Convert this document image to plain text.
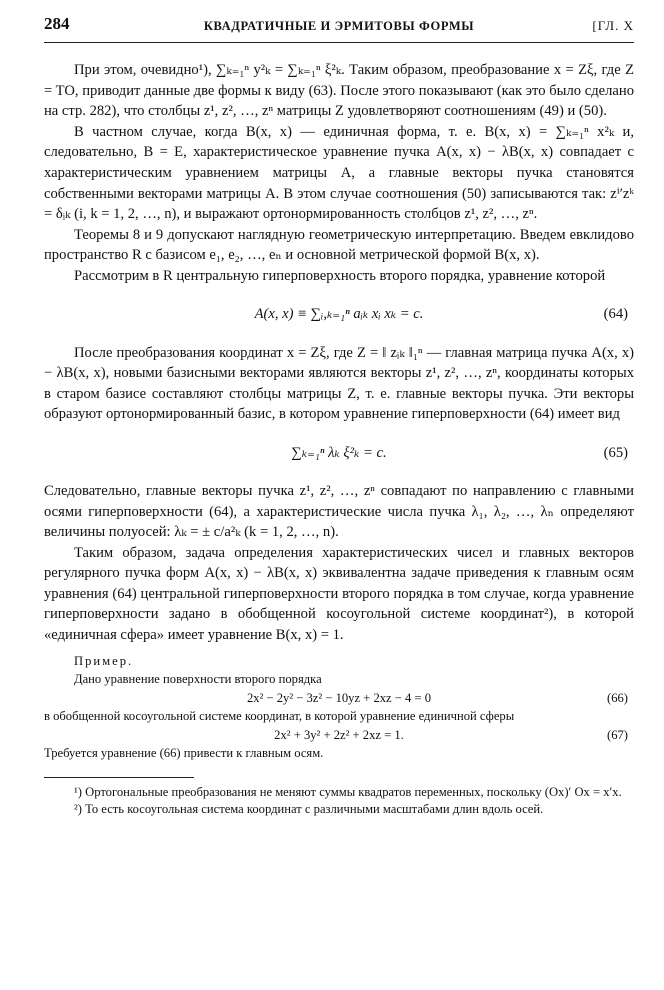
284	КВАДРАТИЧНЫЕ И ЭРМИТОВЫ ФОРМЫ	[ГЛ. X

При этом, очевидно¹), ∑ₖ₌₁ⁿ y²ₖ = ∑ₖ₌₁ⁿ ξ²ₖ. Таким образом, преобразование x = Zξ, где Z = TO, приводит данные две формы к виду (63). После этого показывают (как это было сделано на стр. 282), что столбцы z¹, z², …, zⁿ матрицы Z удовлетворяют соотношениям (49) и (50).

В частном случае, когда B(x, x) — единичная форма, т. е. B(x, x) = ∑ₖ₌₁ⁿ x²ₖ и, следовательно, B = E, характеристическое уравнение пучка A(x, x) − λB(x, x) совпадает с характеристическим уравнением матрицы A, а главные векторы пучка становятся собственными векторами матрицы A. В этом случае соотношения (50) записываются так: zⁱ′zᵏ = δᵢₖ (i, k = 1, 2, …, n), и выражают ортонормированность столбцов z¹, z², …, zⁿ.

Теоремы 8 и 9 допускают наглядную геометрическую интерпретацию. Введем евклидово пространство R с базисом e₁, e₂, …, eₙ и основной метрической формой B(x, x).

Рассмотрим в R центральную гиперповерхность второго порядка, уравнение которой

A(x, x) ≡ ∑ᵢ,ₖ₌₁ⁿ aᵢₖ xᵢ xₖ = c.	(64)

После преобразования координат x = Zξ, где Z = ‖ zᵢₖ ‖₁ⁿ — главная матрица пучка A(x, x) − λB(x, x), новыми базисными векторами являются векторы z¹, z², …, zⁿ, координаты которых в старом базисе составляют столбцы матрицы Z, т. е. главные векторы пучка. Эти векторы образуют ортонормированный базис, в котором уравнение гиперповерхности (64) имеет вид

∑ₖ₌₁ⁿ λₖ ξ²ₖ = c.	(65)

Следовательно, главные векторы пучка z¹, z², …, zⁿ совпадают по направлению с главными осями гиперповерхности (64), а характеристические числа пучка λ₁, λ₂, …, λₙ определяют величины полуосей: λₖ = ± c/a²ₖ (k = 1, 2, …, n).

Таким образом, задача определения характеристических чисел и главных векторов регулярного пучка форм A(x, x) − λB(x, x) эквивалентна задаче приведения к главным осям уравнения (64) центральной гиперповерхности второго порядка в том случае, когда уравнение гиперповерхности задано в обобщенной косоугольной системе координат²), в которой «единичная сфера» имеет уравнение B(x, x) = 1.

Пример.

Дано уравнение поверхности второго порядка

2x² − 2y² − 3z² − 10yz + 2xz − 4 = 0	(66)

в обобщенной косоугольной системе координат, в которой уравнение единичной сферы

2x² + 3y² + 2z² + 2xz = 1.	(67)

Требуется уравнение (66) привести к главным осям.

¹) Ортогональные преобразования не меняют суммы квадратов переменных, поскольку (Ox)′ Ox = x′x.

²) То есть косоугольная система координат с различными масштабами длин вдоль осей.
